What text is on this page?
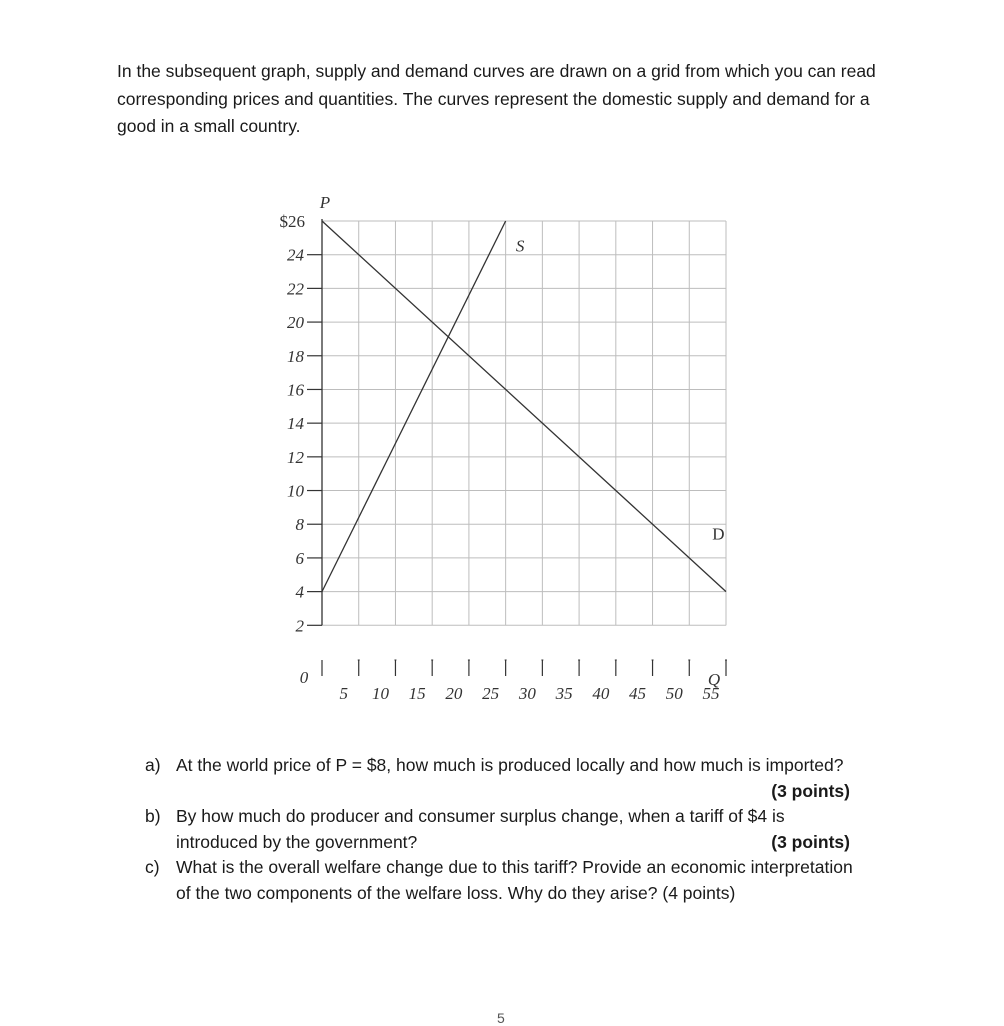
In the subsequent graph, supply and demand curves are drawn on a grid from which you can read corresponding prices and quantities. The curves represent the domestic supply and demand for a good in a small country.

2
4
6
8
10
12
14
16
18
20
22
24
$26
5 10 15 20 25 30 35 40 45 50 55
0
P
Q
S
D
a) At the world price of P = $8, how much is produced locally and how much is imported?
(3 points)
b) By how much do producer and consumer surplus change, when a tariff of $4 is introduced by the government?	(3 points)
c) What is the overall welfare change due to this tariff? Provide an economic interpretation of the two components of the welfare loss. Why do they arise? (4 points)
5
